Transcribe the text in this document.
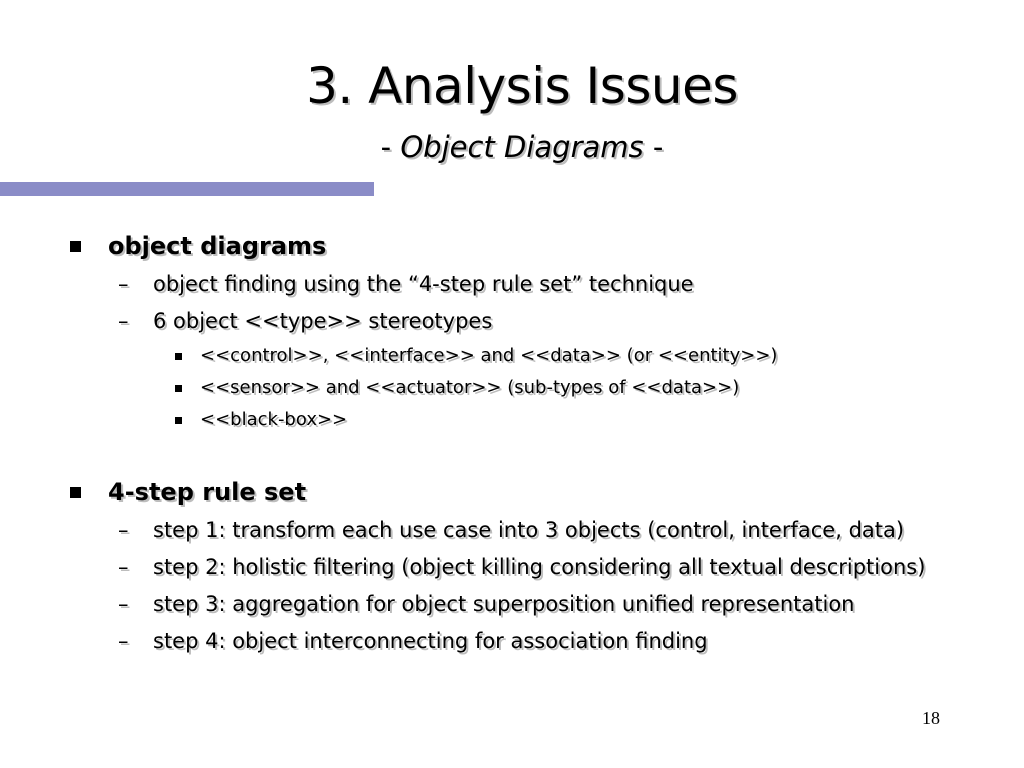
3. Analysis Issues
- Object Diagrams -
object diagrams
– object finding using the “4-step rule set” technique
– 6 object <<type>> stereotypes
<<control>>, <<interface>> and <<data>> (or <<entity>>)
<<sensor>> and <<actuator>> (sub-types of <<data>>)
<<black-box>>
4-step rule set
– step 1: transform each use case into 3 objects (control, interface, data)
– step 2: holistic filtering (object killing considering all textual descriptions)
– step 3: aggregation for object superposition unified representation
– step 4: object interconnecting for association finding
18
